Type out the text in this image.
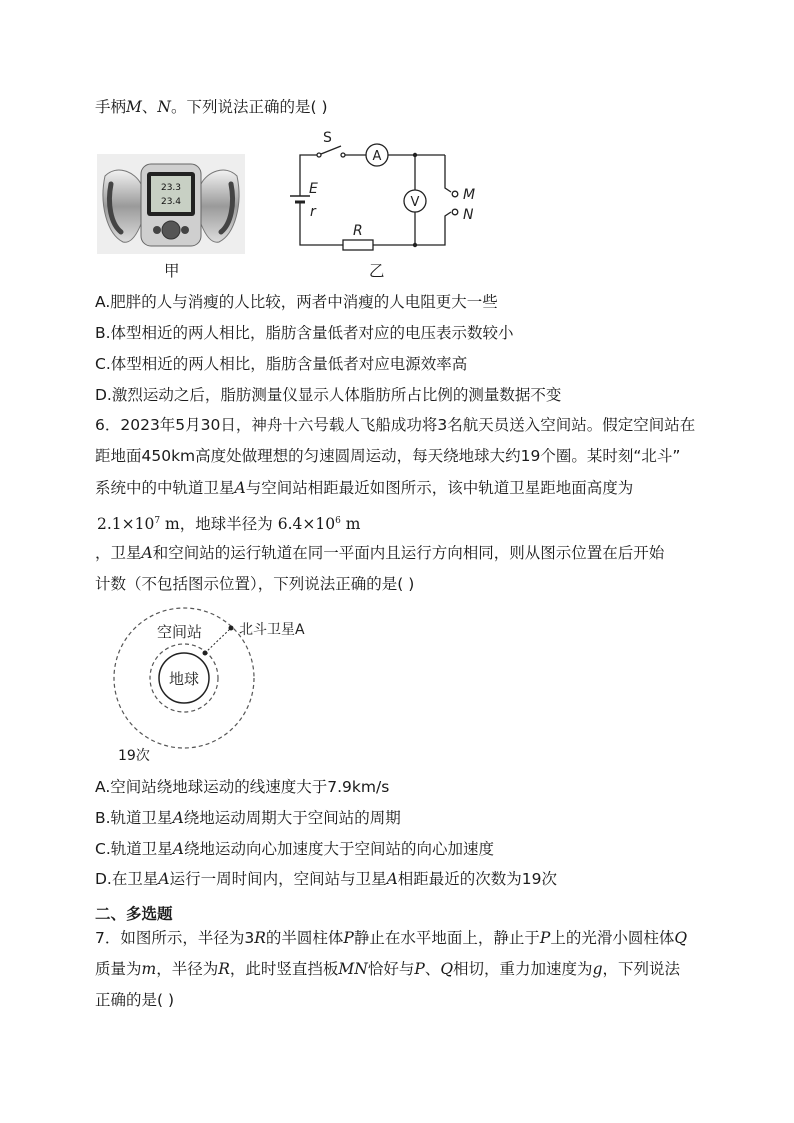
手柄M、N。下列说法正确的是( )
23.3
23.4
甲
S
A
V
E
r
R
M
N
乙
A.肥胖的人与消瘦的人比较，两者中消瘦的人电阻更大一些
B.体型相近的两人相比，脂肪含量低者对应的电压表示数较小
C.体型相近的两人相比，脂肪含量低者对应电源效率高
D.激烈运动之后，脂肪测量仪显示人体脂肪所占比例的测量数据不变
6．2023年5月30日，神舟十六号载人飞船成功将3名航天员送入空间站。假定空间站在
距地面450km高度处做理想的匀速圆周运动，每天绕地球大约19个圈。某时刻“北斗”
系统中的中轨道卫星A与空间站相距最近如图所示，该中轨道卫星距地面高度为
$2.1\times 10^7$ m，地球半径为 $6.4\times 10^6$ m
，卫星A和空间站的运行轨道在同一平面内且运行方向相同，则从图示位置在后开始
计数（不包括图示位置），下列说法正确的是( )
地球
空间站	北斗卫星A
19次
A.空间站绕地球运动的线速度大于7.9km/s
B.轨道卫星A绕地运动周期大于空间站的周期
C.轨道卫星A绕地运动向心加速度大于空间站的向心加速度
D.在卫星A运行一周时间内，空间站与卫星A相距最近的次数为19次
二、多选题
7．如图所示，半径为3R的半圆柱体P静止在水平地面上，静止于P上的光滑小圆柱体Q
质量为m，半径为R，此时竖直挡板MN恰好与P、Q相切，重力加速度为g，下列说法
正确的是( )
